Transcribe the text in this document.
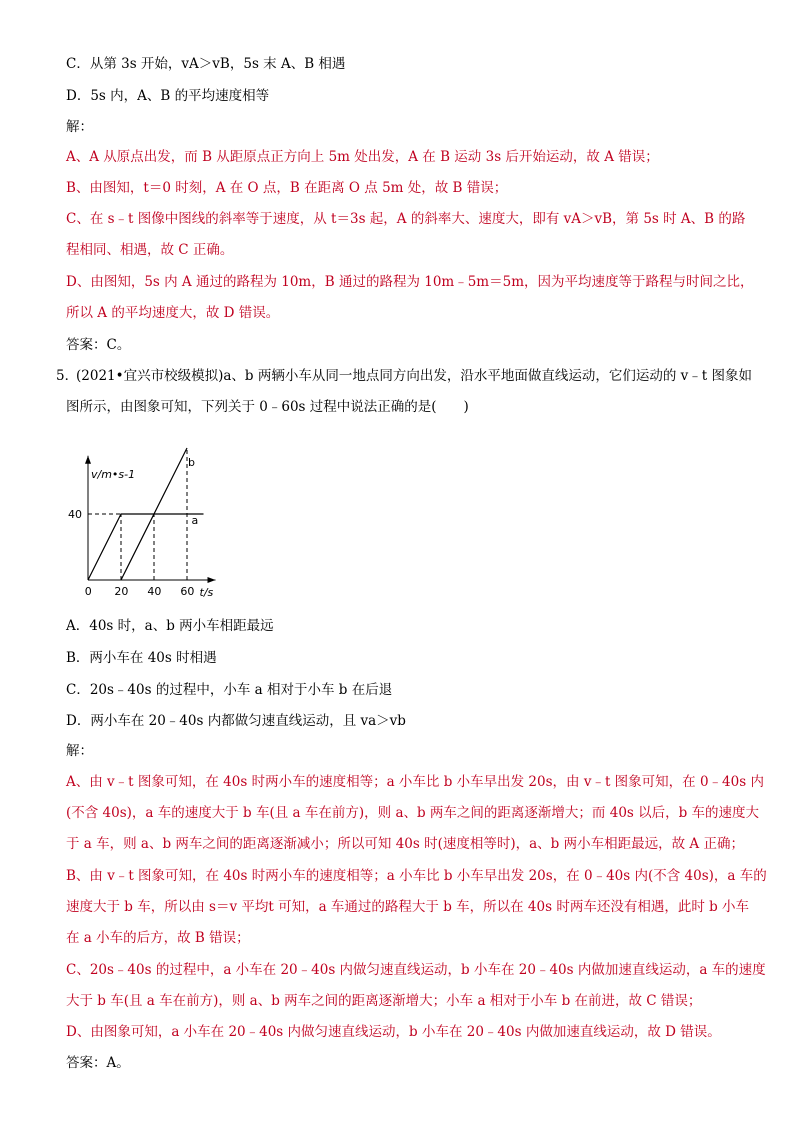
C．从第 3s 开始，vA＞vB，5s 末 A、B 相遇
D．5s 内，A、B 的平均速度相等
解：
A、A 从原点出发，而 B 从距原点正方向上 5m 处出发，A 在 B 运动 3s 后开始运动，故 A 错误；
B、由图知，t＝0 时刻，A 在 O 点，B 在距离 O 点 5m 处，故 B 错误；
C、在 s﹣t 图像中图线的斜率等于速度，从 t＝3s 起，A 的斜率大、速度大，即有 vA＞vB，第 5s 时 A、B 的路
程相同、相遇，故 C 正确。
D、由图知，5s 内 A 通过的路程为 10m，B 通过的路程为 10m﹣5m＝5m，因为平均速度等于路程与时间之比，
所以 A 的平均速度大，故 D 错误。
答案：C。
5．
(2021•宜兴市校级模拟)a、b 两辆小车从同一地点同方向出发，沿水平地面做直线运动，它们运动的 v﹣t 图象如
图所示，由图象可知，下列关于 0﹣60s 过程中说法正确的是(　　)
a
b
0 20 40 60
40
v/m•s-1
t/s
A．40s 时，a、b 两小车相距最远
B．两小车在 40s 时相遇
C．20s﹣40s 的过程中，小车 a 相对于小车 b 在后退
D．两小车在 20﹣40s 内都做匀速直线运动，且 va＞vb
解：
A、由 v﹣t 图象可知，在 40s 时两小车的速度相等；a 小车比 b 小车早出发 20s，由 v﹣t 图象可知，在 0﹣40s 内
(不含 40s)，a 车的速度大于 b 车(且 a 车在前方)，则 a、b 两车之间的距离逐渐增大；而 40s 以后，b 车的速度大
于 a 车，则 a、b 两车之间的距离逐渐减小；所以可知 40s 时(速度相等时)，a、b 两小车相距最远，故 A 正确；
B、由 v﹣t 图象可知，在 40s 时两小车的速度相等；a 小车比 b 小车早出发 20s，在 0﹣40s 内(不含 40s)，a 车的
速度大于 b 车，所以由 s＝v 平均t 可知，a 车通过的路程大于 b 车，所以在 40s 时两车还没有相遇，此时 b 小车
在 a 小车的后方，故 B 错误；
C、20s﹣40s 的过程中，a 小车在 20﹣40s 内做匀速直线运动，b 小车在 20﹣40s 内做加速直线运动，a 车的速度
大于 b 车(且 a 车在前方)，则 a、b 两车之间的距离逐渐增大；小车 a 相对于小车 b 在前进，故 C 错误；
D、由图象可知，a 小车在 20﹣40s 内做匀速直线运动，b 小车在 20﹣40s 内做加速直线运动，故 D 错误。
答案：A。
